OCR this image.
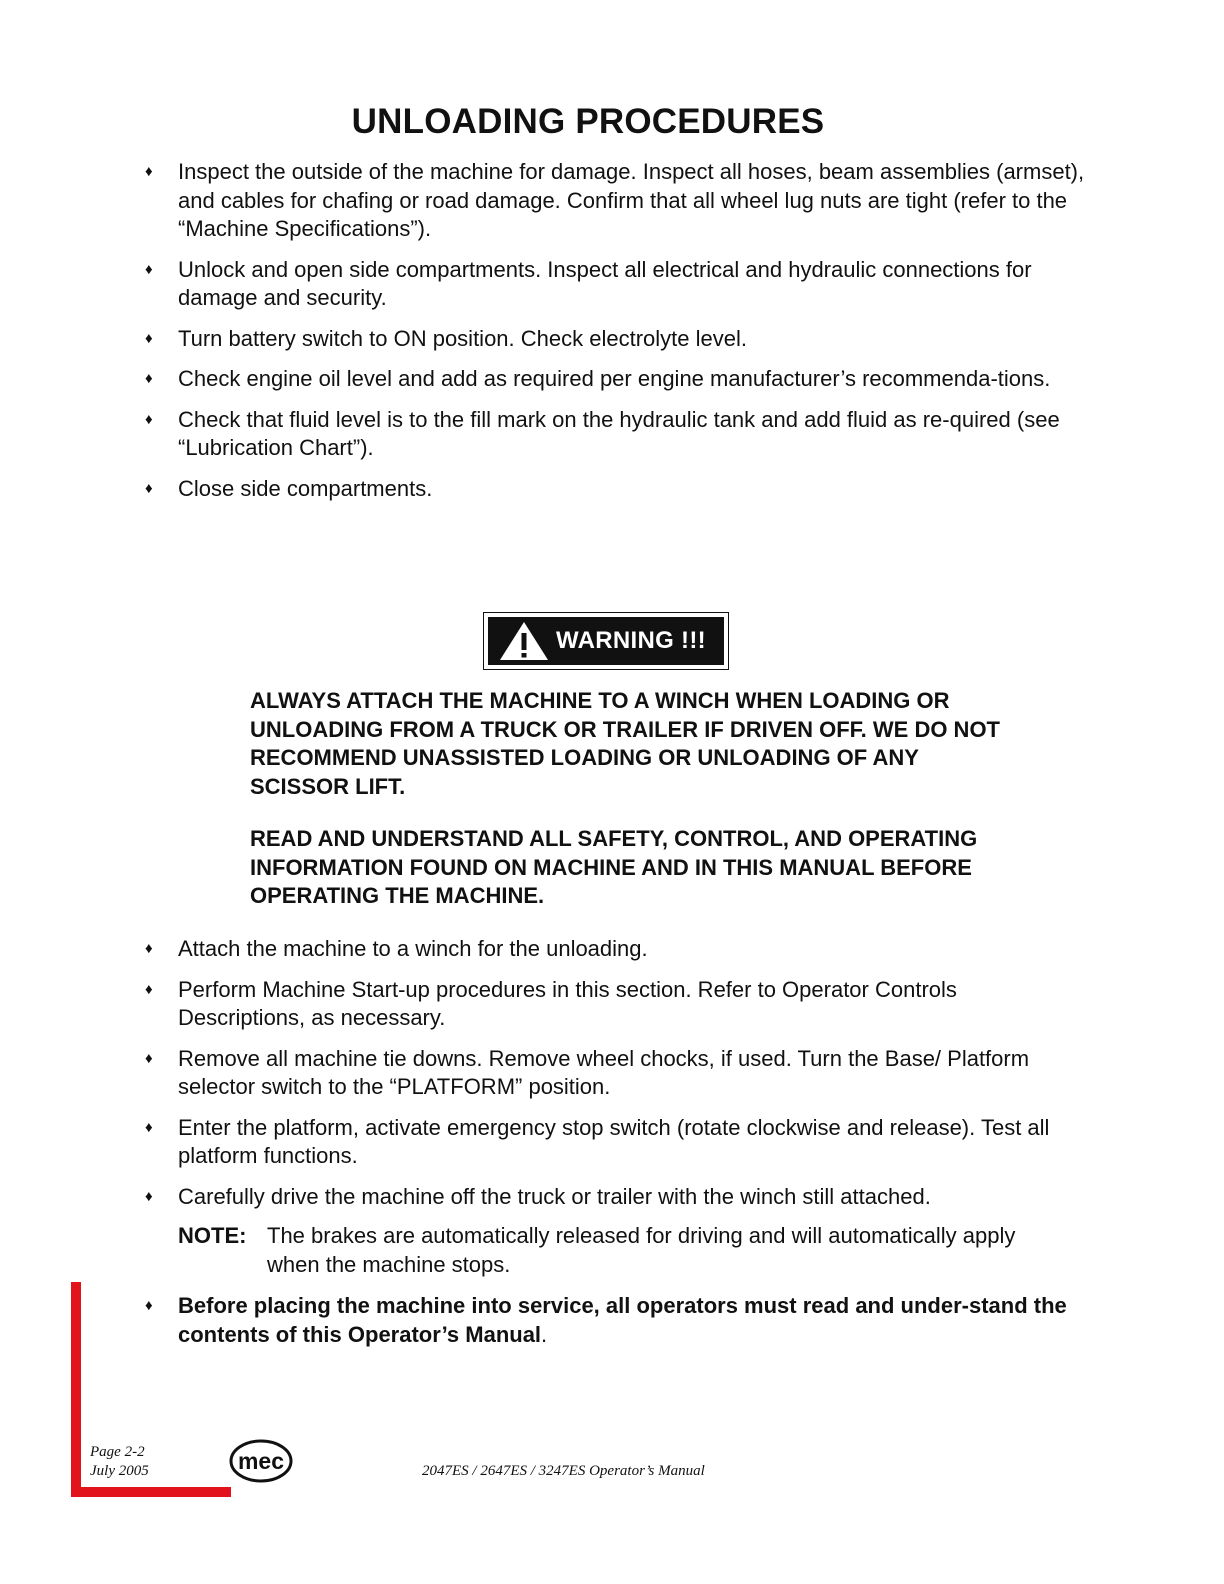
UNLOADING PROCEDURES
♦ Inspect the outside of the machine for damage. Inspect all hoses, beam assemblies (armset), and cables for chafing or road damage. Confirm that all wheel lug nuts are tight (refer to the “Machine Specifications”).
♦ Unlock and open side compartments. Inspect all electrical and hydraulic connections for damage and security.
♦ Turn battery switch to ON position. Check electrolyte level.
♦ Check engine oil level and add as required per engine manufacturer’s recommenda-tions.
♦ Check that fluid level is to the fill mark on the hydraulic tank and add fluid as re-quired (see “Lubrication Chart”).
♦ Close side compartments.
WARNING !!!

ALWAYS ATTACH THE MACHINE TO A WINCH WHEN LOADING OR UNLOADING FROM A TRUCK OR TRAILER IF DRIVEN OFF. WE DO NOT RECOMMEND UNASSISTED LOADING OR UNLOADING OF ANY SCISSOR LIFT.

READ AND UNDERSTAND ALL SAFETY, CONTROL, AND OPERATING INFORMATION FOUND ON MACHINE AND IN THIS MANUAL BEFORE OPERATING THE MACHINE.

♦ Attach the machine to a winch for the unloading.
♦ Perform Machine Start-up procedures in this section. Refer to Operator Controls Descriptions, as necessary.
♦ Remove all machine tie downs. Remove wheel chocks, if used. Turn the Base/ Platform selector switch to the “PLATFORM” position.
♦ Enter the platform, activate emergency stop switch (rotate clockwise and release). Test all platform functions.
♦ Carefully drive the machine off the truck or trailer with the winch still attached.
NOTE: The brakes are automatically released for driving and will automatically apply when the machine stops.
♦ Before placing the machine into service, all operators must read and under-stand the contents of this Operator’s Manual.
Page 2-2
July 2005	mec	2047ES / 2647ES / 3247ES Operator’s Manual
